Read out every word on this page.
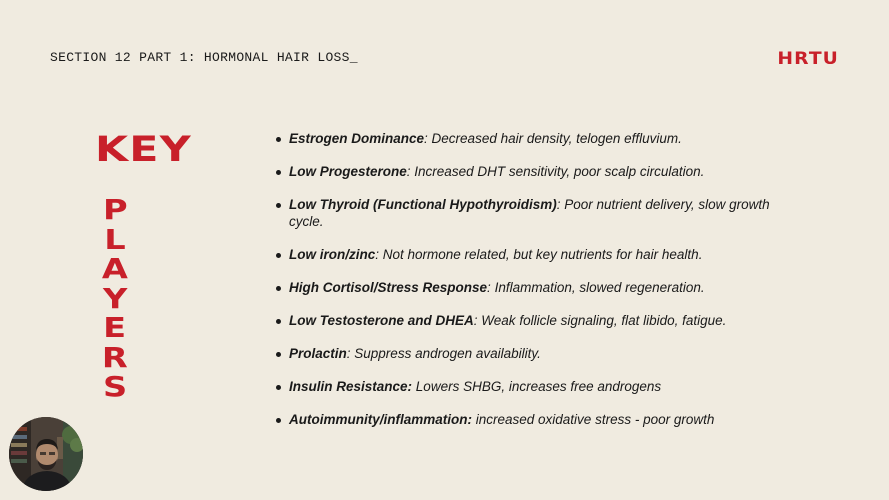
SECTION 12 PART 1: HORMONAL HAIR LOSS_	HRTU
KEY
P
L
A
Y
E
R
S
Estrogen Dominance: Decreased hair density, telogen effluvium.
Low Progesterone: Increased DHT sensitivity, poor scalp circulation.
Low Thyroid (Functional Hypothyroidism): Poor nutrient delivery, slow growth cycle.
Low iron/zinc: Not hormone related, but key nutrients for hair health.
High Cortisol/Stress Response: Inflammation, slowed regeneration.
Low Testosterone and DHEA: Weak follicle signaling, flat libido, fatigue.
Prolactin: Suppress androgen availability.
Insulin Resistance: Lowers SHBG, increases free androgens
Autoimmunity/inflammation: increased oxidative stress - poor growth
